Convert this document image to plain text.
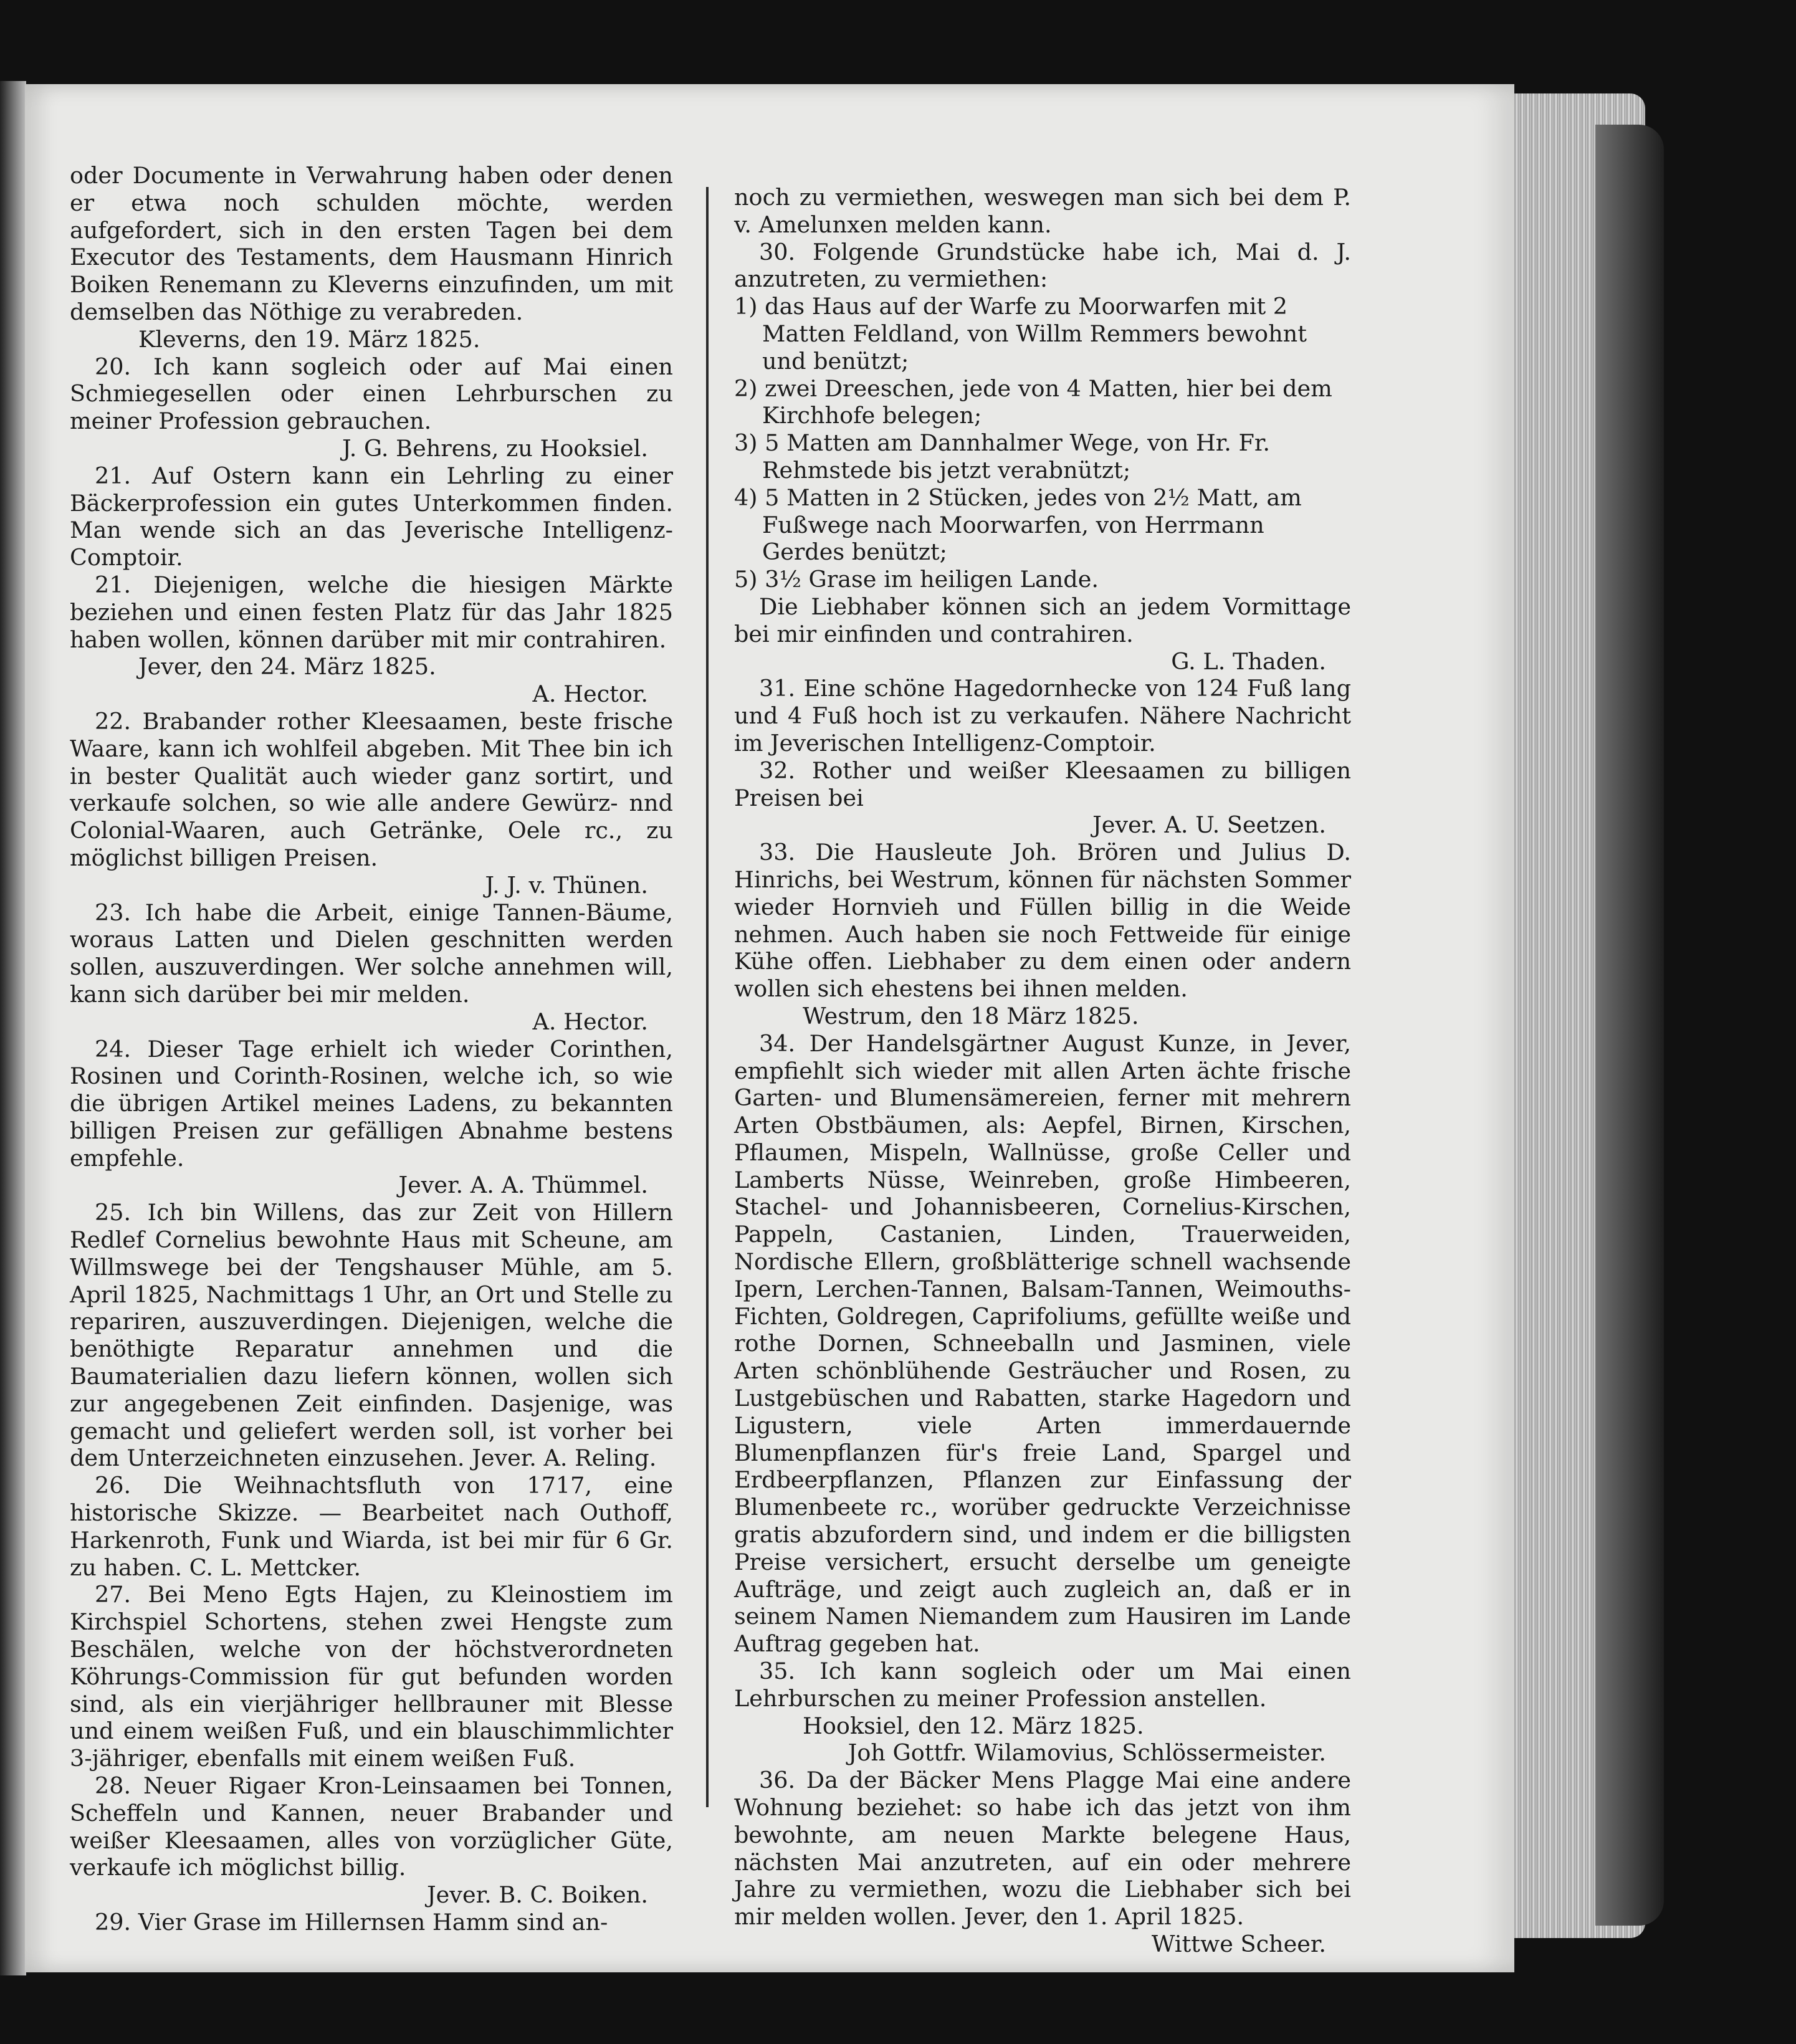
oder Documente in Verwahrung haben oder denen er etwa noch schulden möchte, werden aufgefordert, sich in den ersten Tagen bei dem Executor des Testaments, dem Hausmann Hinrich Boiken Renemann zu Kleverns einzufinden, um mit demselben das Nöthige zu verabreden.

Kleverns, den 19. März 1825.

20. Ich kann sogleich oder auf Mai einen Schmiegesellen oder einen Lehrburschen zu meiner Profession gebrauchen.

J. G. Behrens, zu Hooksiel.

21. Auf Ostern kann ein Lehrling zu einer Bäckerprofession ein gutes Unterkommen finden. Man wende sich an das Jeverische Intelligenz-Comptoir.

21. Diejenigen, welche die hiesigen Märkte beziehen und einen festen Platz für das Jahr 1825 haben wollen, können darüber mit mir contrahiren.

Jever, den 24. März 1825.

A. Hector.

22. Brabander rother Kleesaamen, beste frische Waare, kann ich wohlfeil abgeben. Mit Thee bin ich in bester Qualität auch wieder ganz sortirt, und verkaufe solchen, so wie alle andere Gewürz- nnd Colonial-Waaren, auch Getränke, Oele rc., zu möglichst billigen Preisen.

J. J. v. Thünen.

23. Ich habe die Arbeit, einige Tannen-Bäume, woraus Latten und Dielen geschnitten werden sollen, auszuverdingen. Wer solche annehmen will, kann sich darüber bei mir melden.

A. Hector.

24. Dieser Tage erhielt ich wieder Corinthen, Rosinen und Corinth-Rosinen, welche ich, so wie die übrigen Artikel meines Ladens, zu bekannten billigen Preisen zur gefälligen Abnahme bestens empfehle.

Jever. A. A. Thümmel.

25. Ich bin Willens, das zur Zeit von Hillern Redlef Cornelius bewohnte Haus mit Scheune, am Willmswege bei der Tengshauser Mühle, am 5. April 1825, Nachmittags 1 Uhr, an Ort und Stelle zu repariren, auszuverdingen. Diejenigen, welche die benöthigte Reparatur annehmen und die Baumaterialien dazu liefern können, wollen sich zur angegebenen Zeit einfinden. Dasjenige, was gemacht und geliefert werden soll, ist vorher bei dem Unterzeichneten einzusehen. Jever. A. Reling.

26. Die Weihnachtsfluth von 1717, eine historische Skizze. — Bearbeitet nach Outhoff, Harkenroth, Funk und Wiarda, ist bei mir für 6 Gr. zu haben. C. L. Mettcker.

27. Bei Meno Egts Hajen, zu Kleinostiem im Kirchspiel Schortens, stehen zwei Hengste zum Beschälen, welche von der höchstverordneten Köhrungs-Commission für gut befunden worden sind, als ein vierjähriger hellbrauner mit Blesse und einem weißen Fuß, und ein blauschimmlichter 3-jähriger, ebenfalls mit einem weißen Fuß.

28. Neuer Rigaer Kron-Leinsaamen bei Tonnen, Scheffeln und Kannen, neuer Brabander und weißer Kleesaamen, alles von vorzüglicher Güte, verkaufe ich möglichst billig.

Jever. B. C. Boiken.

29. Vier Grase im Hillernsen Hamm sind an-

noch zu vermiethen, weswegen man sich bei dem P. v. Amelunxen melden kann.

30. Folgende Grundstücke habe ich, Mai d. J. anzutreten, zu vermiethen:

1) das Haus auf der Warfe zu Moorwarfen mit 2 Matten Feldland, von Willm Remmers bewohnt und benützt;

2) zwei Dreeschen, jede von 4 Matten, hier bei dem Kirchhofe belegen;

3) 5 Matten am Dannhalmer Wege, von Hr. Fr. Rehmstede bis jetzt verabnützt;

4) 5 Matten in 2 Stücken, jedes von 2½ Matt, am Fußwege nach Moorwarfen, von Herrmann Gerdes benützt;

5) 3½ Grase im heiligen Lande.

Die Liebhaber können sich an jedem Vormittage bei mir einfinden und contrahiren.

G. L. Thaden.

31. Eine schöne Hagedornhecke von 124 Fuß lang und 4 Fuß hoch ist zu verkaufen. Nähere Nachricht im Jeverischen Intelligenz-Comptoir.

32. Rother und weißer Kleesaamen zu billigen Preisen bei

Jever. A. U. Seetzen.

33. Die Hausleute Joh. Brören und Julius D. Hinrichs, bei Westrum, können für nächsten Sommer wieder Hornvieh und Füllen billig in die Weide nehmen. Auch haben sie noch Fettweide für einige Kühe offen. Liebhaber zu dem einen oder andern wollen sich ehestens bei ihnen melden.

Westrum, den 18 März 1825.

34. Der Handelsgärtner August Kunze, in Jever, empfiehlt sich wieder mit allen Arten ächte frische Garten- und Blumensämereien, ferner mit mehrern Arten Obstbäumen, als: Aepfel, Birnen, Kirschen, Pflaumen, Mispeln, Wallnüsse, große Celler und Lamberts Nüsse, Weinreben, große Himbeeren, Stachel- und Johannisbeeren, Cornelius-Kirschen, Pappeln, Castanien, Linden, Trauerweiden, Nordische Ellern, großblätterige schnell wachsende Ipern, Lerchen-Tannen, Balsam-Tannen, Weimouths-Fichten, Goldregen, Caprifoliums, gefüllte weiße und rothe Dornen, Schneeballn und Jasminen, viele Arten schönblühende Gesträucher und Rosen, zu Lustgebüschen und Rabatten, starke Hagedorn und Ligustern, viele Arten immerdauernde Blumenpflanzen für's freie Land, Spargel und Erdbeerpflanzen, Pflanzen zur Einfassung der Blumenbeete rc., worüber gedruckte Verzeichnisse gratis abzufordern sind, und indem er die billigsten Preise versichert, ersucht derselbe um geneigte Aufträge, und zeigt auch zugleich an, daß er in seinem Namen Niemandem zum Hausiren im Lande Auftrag gegeben hat.

35. Ich kann sogleich oder um Mai einen Lehrburschen zu meiner Profession anstellen.

Hooksiel, den 12. März 1825.

Joh Gottfr. Wilamovius, Schlössermeister.

36. Da der Bäcker Mens Plagge Mai eine andere Wohnung beziehet: so habe ich das jetzt von ihm bewohnte, am neuen Markte belegene Haus, nächsten Mai anzutreten, auf ein oder mehrere Jahre zu vermiethen, wozu die Liebhaber sich bei mir melden wollen. Jever, den 1. April 1825.

Wittwe Scheer.
